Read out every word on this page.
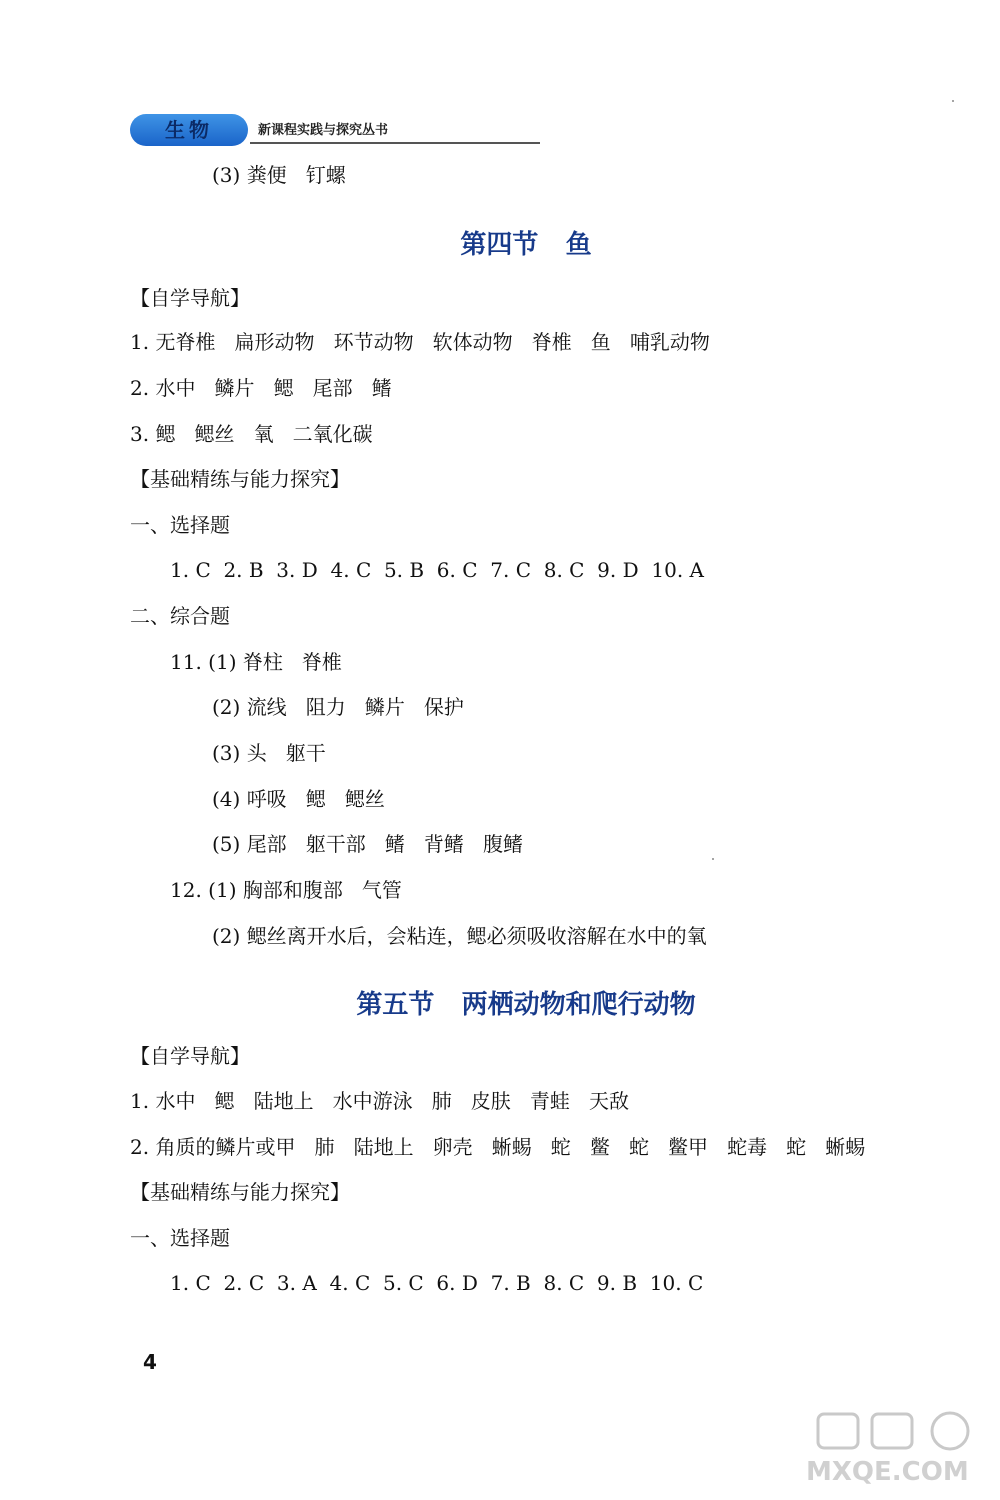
生物	新课程实践与探究丛书
(3) 粪便   钉螺
第四节   鱼
【自学导航】
1. 无脊椎   扁形动物   环节动物   软体动物   脊椎   鱼   哺乳动物
2. 水中   鳞片   鳃   尾部   鳍
3. 鳃   鳃丝   氧   二氧化碳
【基础精练与能力探究】
一、选择题
1. C  2. B  3. D  4. C  5. B  6. C  7. C  8. C  9. D  10. A
二、综合题
11. (1) 脊柱   脊椎
(2) 流线   阻力   鳞片   保护
(3) 头   躯干
(4) 呼吸   鳃   鳃丝
(5) 尾部   躯干部   鳍   背鳍   腹鳍
12. (1) 胸部和腹部   气管
(2) 鳃丝离开水后，会粘连，鳃必须吸收溶解在水中的氧
第五节   两栖动物和爬行动物
【自学导航】
1. 水中   鳃   陆地上   水中游泳   肺   皮肤   青蛙   天敌
2. 角质的鳞片或甲   肺   陆地上   卵壳   蜥蜴   蛇   鳖   蛇   鳖甲   蛇毒   蛇   蜥蜴
【基础精练与能力探究】
一、选择题
1. C  2. C  3. A  4. C  5. C  6. D  7. B  8. C  9. B  10. C
4
MXQE.COM
